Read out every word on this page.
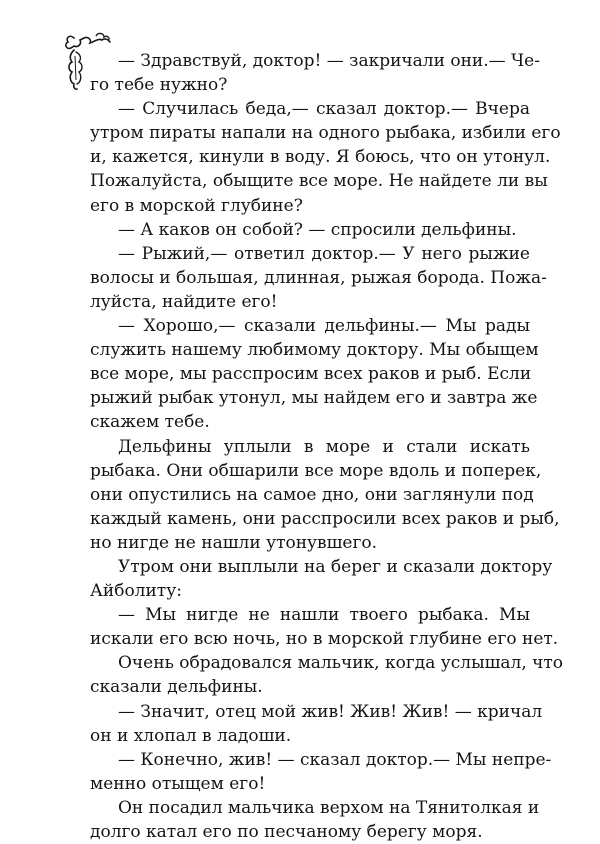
— Здравствуй, доктор! — закричали они.— Че-
го тебе нужно?
— Случилась беда,— сказал доктор.— Вчера
утром пираты напали на одного рыбака, избили его
и, кажется, кинули в воду. Я боюсь, что он утонул.
Пожалуйста, обыщите все море. Не найдете ли вы
его в морской глубине?
— А каков он собой? — спросили дельфины.
— Рыжий,— ответил доктор.— У него рыжие
волосы и большая, длинная, рыжая борода. Пожа-
луйста, найдите его!
— Хорошо,— сказали дельфины.— Мы рады
служить нашему любимому доктору. Мы обыщем
все море, мы расспросим всех раков и рыб. Если
рыжий рыбак утонул, мы найдем его и завтра же
скажем тебе.
Дельфины уплыли в море и стали искать
рыбака. Они обшарили все море вдоль и поперек,
они опустились на самое дно, они заглянули под
каждый камень, они расспросили всех раков и рыб,
но нигде не нашли утонувшего.
Утром они выплыли на берег и сказали доктору
Айболиту:
— Мы нигде не нашли твоего рыбака. Мы
искали его всю ночь, но в морской глубине его нет.
Очень обрадовался мальчик, когда услышал, что
сказали дельфины.
— Значит, отец мой жив! Жив! Жив! — кричал
он и хлопал в ладоши.
— Конечно, жив! — сказал доктор.— Мы непре-
менно отыщем его!
Он посадил мальчика верхом на Тянитолкая и
долго катал его по песчаному берегу моря.
